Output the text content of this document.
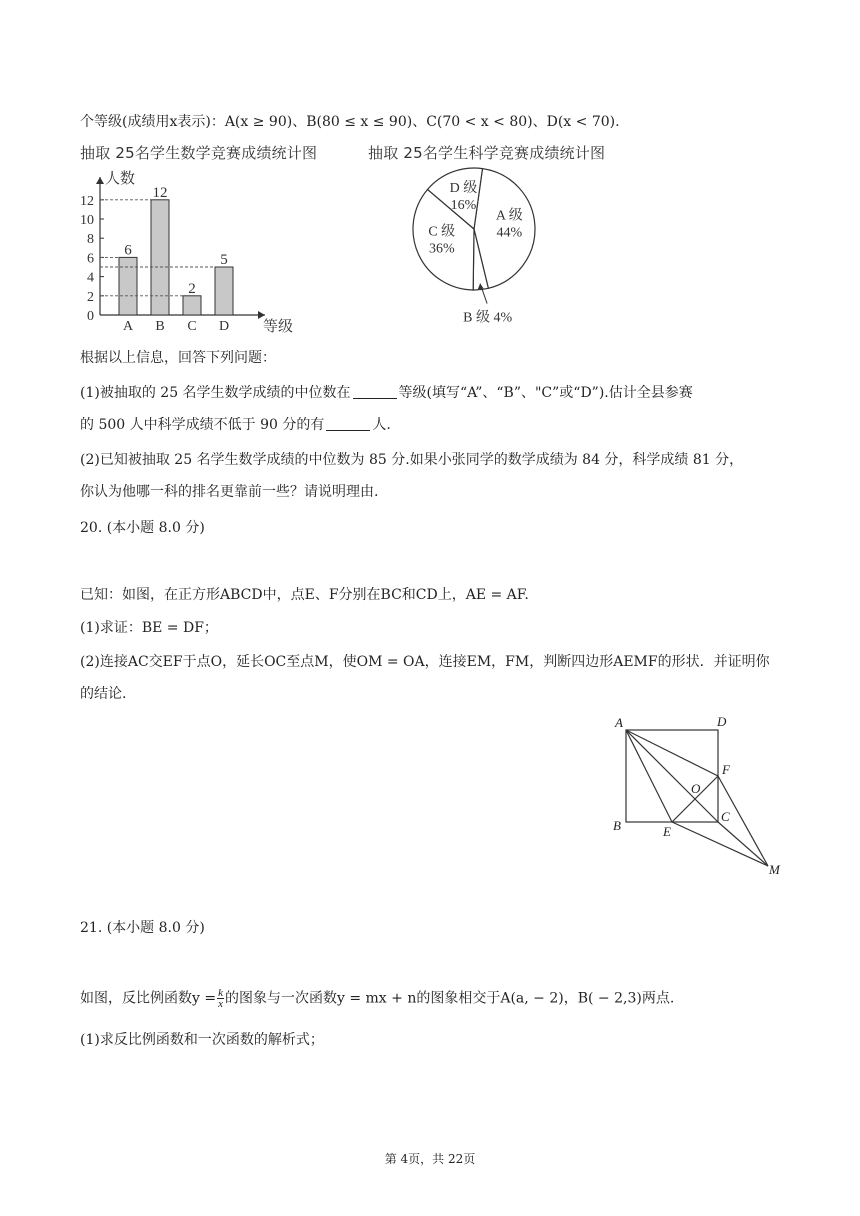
个等级(成绩用x表示)：A(x ≥ 90)、B(80 ≤ x ≤ 90)、C(70 < x < 80)、D(x < 70).
抽取 25名学生数学竞赛成绩统计图	抽取 25名学生科学竞赛成绩统计图
人数
等级
0
2
4
6
8
10
12
6
A
12
B
2
C
5
D
A 级
44%
C 级
36%
D 级
16%
B 级 4%
根据以上信息，回答下列问题：
(1)被抽取的 25 名学生数学成绩的中位数在	等级(填写“A”、“B”、"C”或“D”).估计全县参赛
的 500 人中科学成绩不低于 90 分的有	人.
(2)已知被抽取 25 名学生数学成绩的中位数为 85 分.如果小张同学的数学成绩为 84 分，科学成绩 81 分，
你认为他哪一科的排名更靠前一些？请说明理由.
20. (本小题 8.0 分)
已知：如图，在正方形ABCD中，点E、F分别在BC和CD上，AE = AF.
(1)求证：BE = DF；
(2)连接AC交EF于点O，延长OC至点M，使OM = OA，连接EM，FM，判断四边形AEMF的形状．并证明你
的结论.
A	D
F
O
B	E
C
M
21. (本小题 8.0 分)
如图，反比例函数$y = \frac{k}{x}$ 的图象与一次函数y = mx + n的图象相交于A(a, − 2)，B( − 2,3)两点.
(1)求反比例函数和一次函数的解析式；
第 4页，共 22页
